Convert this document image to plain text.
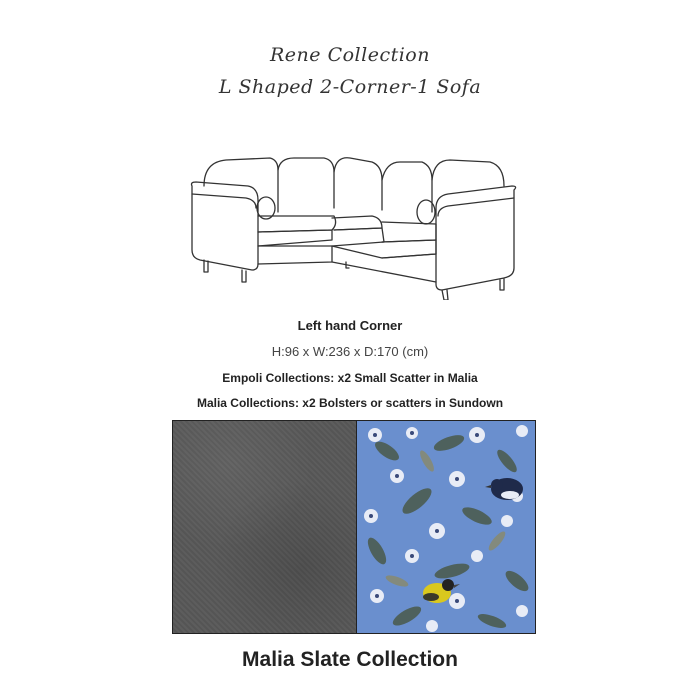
Rene Collection
L Shaped 2-Corner-1 Sofa
Left hand Corner
H:96 x W:236 x D:170 (cm)
Empoli Collections: x2 Small Scatter in Malia
Malia Collections: x2 Bolsters or scatters in Sundown
Malia Slate Collection
